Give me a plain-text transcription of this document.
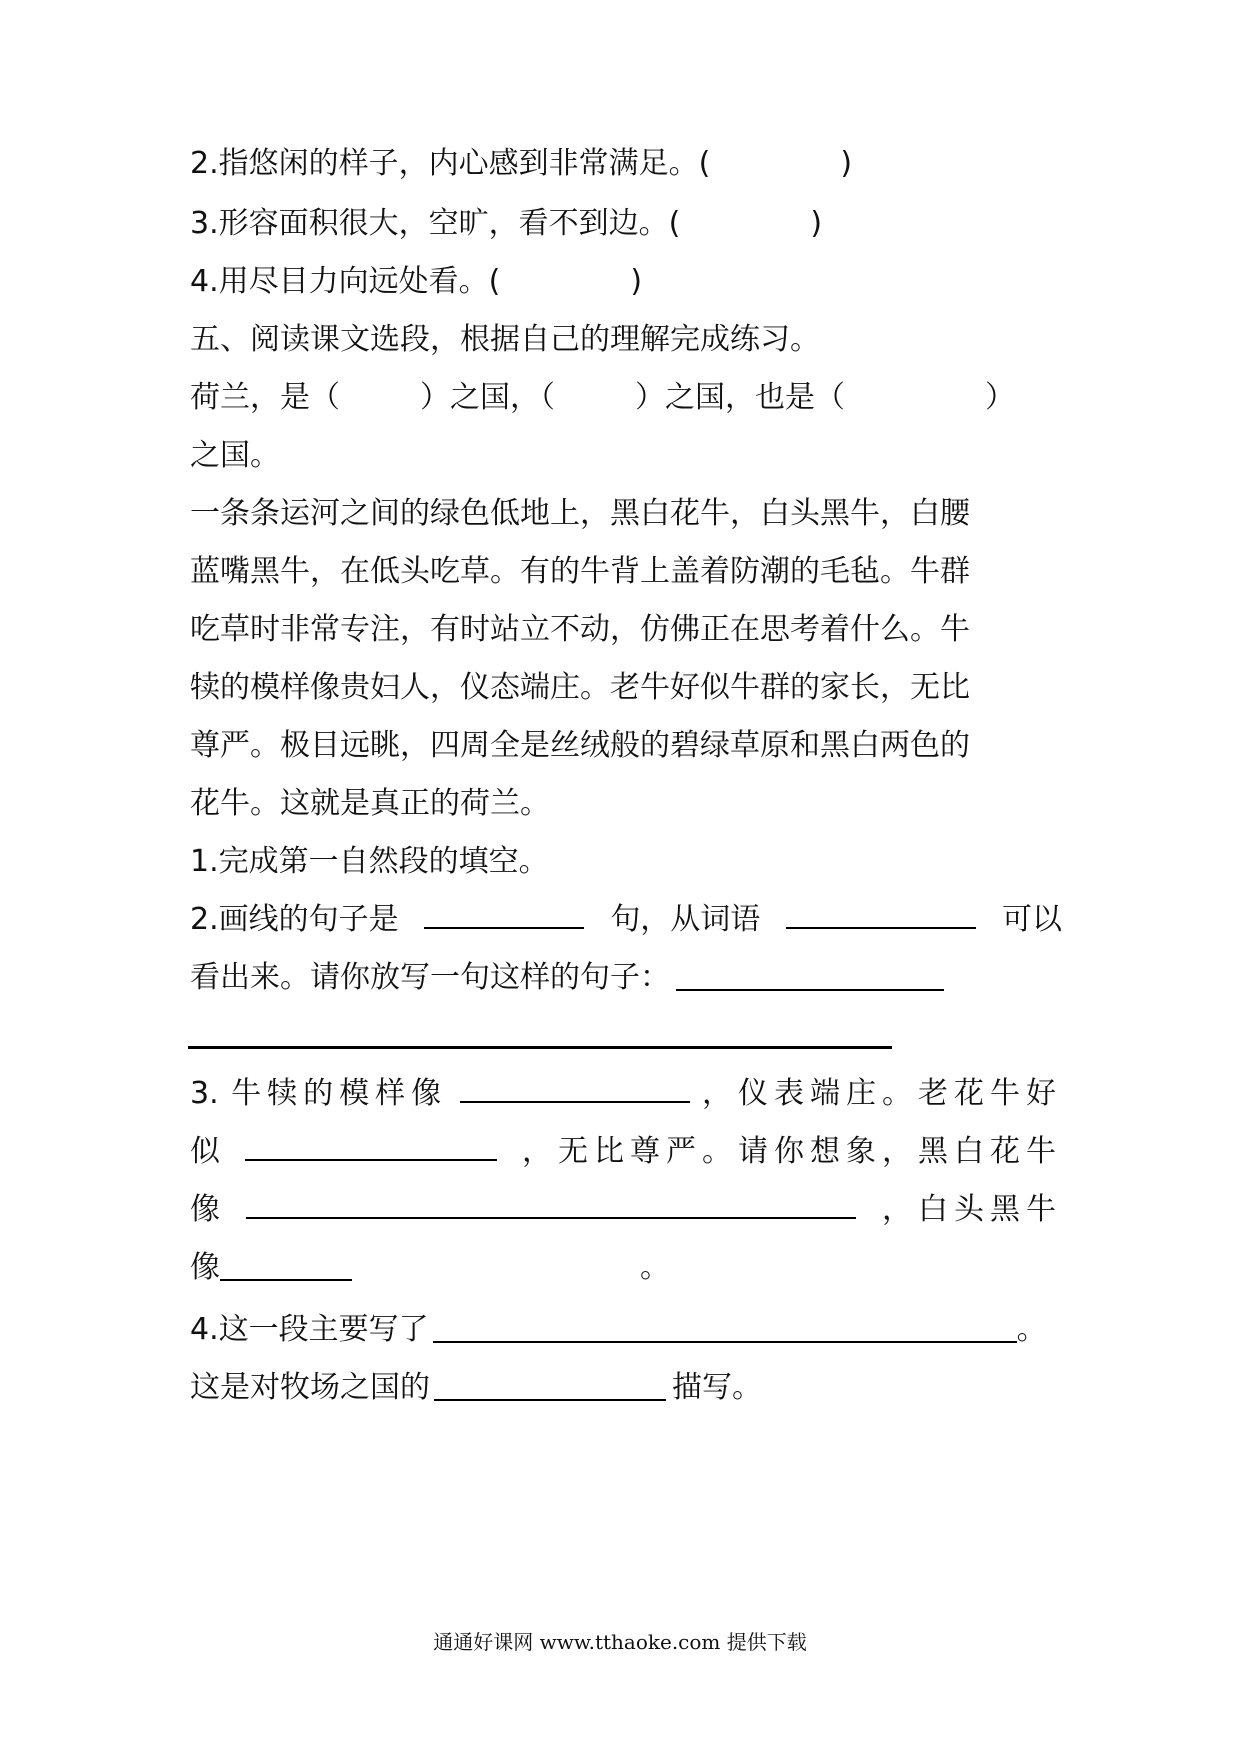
2.指悠闲的样子，内心感到非常满足。(	)
3.形容面积很大，空旷，看不到边。(	)
4.用尽目力向远处看。(	)
五、阅读课文选段，根据自己的理解完成练习。
荷兰，是（	）之国，（	）之国，也是（	）
之国。
一条条运河之间的绿色低地上，黑白花牛，白头黑牛，白腰
蓝嘴黑牛，在低头吃草。有的牛背上盖着防潮的毛毡。牛群
吃草时非常专注，有时站立不动，仿佛正在思考着什么。牛
犊的模样像贵妇人，仪态端庄。老牛好似牛群的家长，无比
尊严。极目远眺，四周全是丝绒般的碧绿草原和黑白两色的
花牛。这就是真正的荷兰。
1.完成第一自然段的填空。
2.画线的句子是	句，从词语	可以
看出来。请你放写一句这样的句子：
3. 牛犊的模样像	，仪表端庄。老花牛好
似	，无比尊严。请你想象，黑白花牛
像	，白头黑牛
像	。
4.这一段主要写了	。
这是对牧场之国的	描写。
通通好课网 www.tthaoke.com 提供下载
